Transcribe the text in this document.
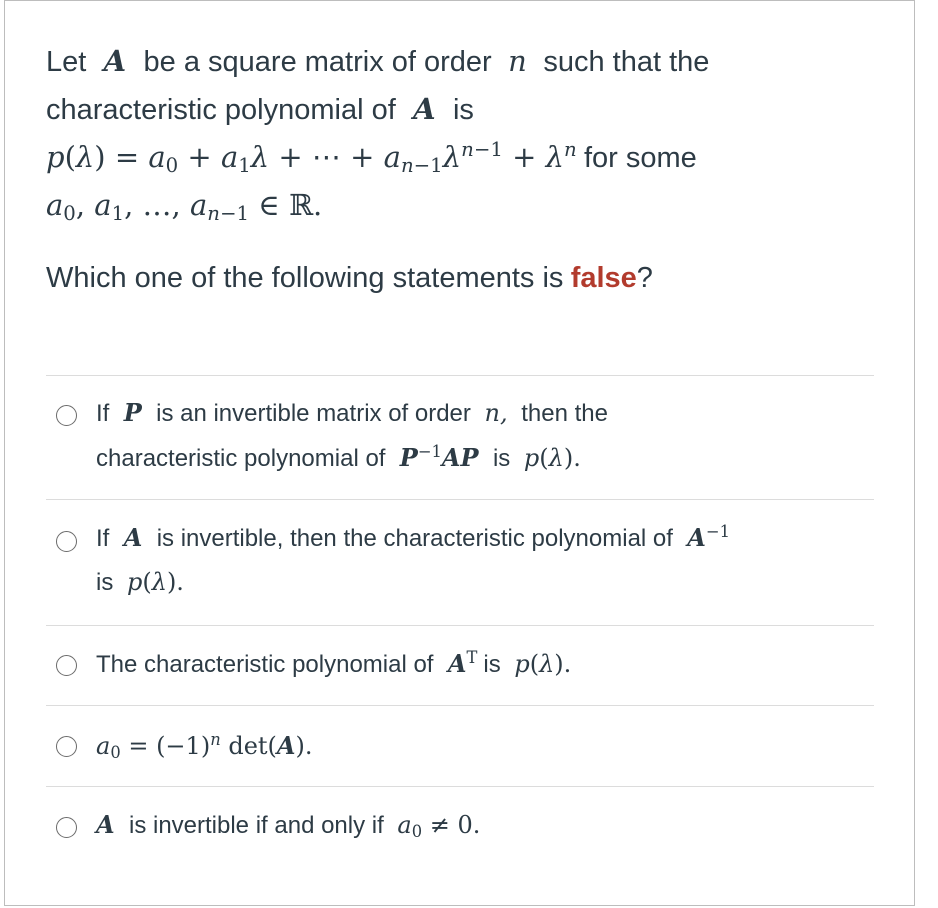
Let  A  be a square matrix of order  n  such that the
characteristic polynomial of  A  is
$p(\lambda) = a_0 + a_1\lambda$ + ⋯ + $a_{n-1}\lambda^{n-1} + \lambda^n$ for some
$a_0$, $a_1$, …, $a_{n-1}$ ∈ ℝ.
Which one of the following statements is false?
If  P  is an invertible matrix of order  n,  then the
characteristic polynomial of  $P^{-1}AP$  is  p(λ).
If  A  is invertible, then the characteristic polynomial of  $A^{-1}$
is  p(λ).
The characteristic polynomial of  $A^T$ is  p(λ).
$a_0 = (-1)^n$ det(A).
A  is invertible if and only if  $a_0 \ne 0$.
